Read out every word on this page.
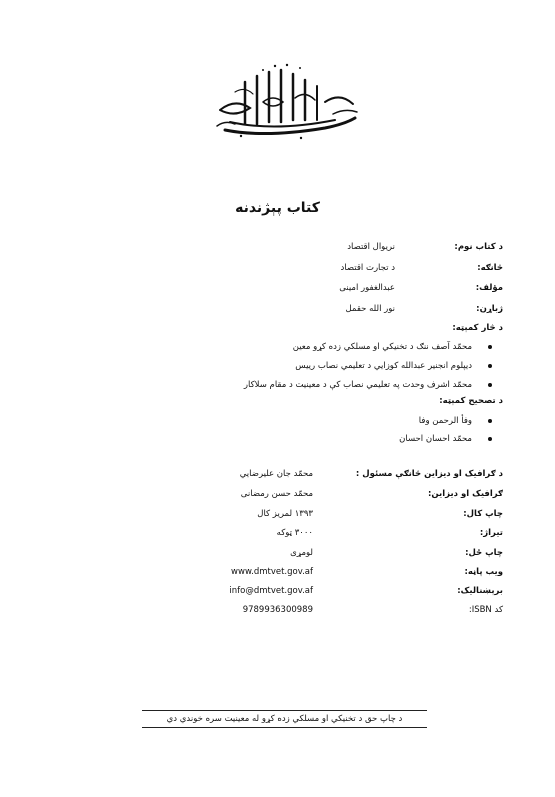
کتاب پېژندنه
د کتاب نوم:
نریوال اقتصاد
څانګه:
د تجارت اقتصاد
مؤلف:
عبدالغفور امینی
ژباړن:
نور الله حقمل
د څار کمېټه:
محمّد آصف ننګ د تخنیکي او مسلکي زده کړو معین
دیپلوم انجنیر عبدالله کوزایي د تعلیمي نصاب رییس
محمّد اشرف وحدت په تعلیمي نصاب کې د معینیت د مقام سلاکار
د تصحیح کمېټه:
وفأ الرحمن وفا
محمّد احسان احسان
د ګرافیک او دیزاین څانګې مسئول :
محمّد جان علیرضایي
ګرافیک او دیزاین:
محمّد حسن رمضانی
چاپ کال:
۱۳۹۳ لمریز کال
تیراژ:
۳۰۰۰ ټوکه
چاپ ځل:
لومړی
ویب پاڼه:
www.dmtvet.gov.af
برېښنالیک:
info@dmtvet.gov.af
کد ISBN:
9789936300989
د چاپ حق د تخنیکي او مسلکي زده کړو له معینیت سره خوندي دي
